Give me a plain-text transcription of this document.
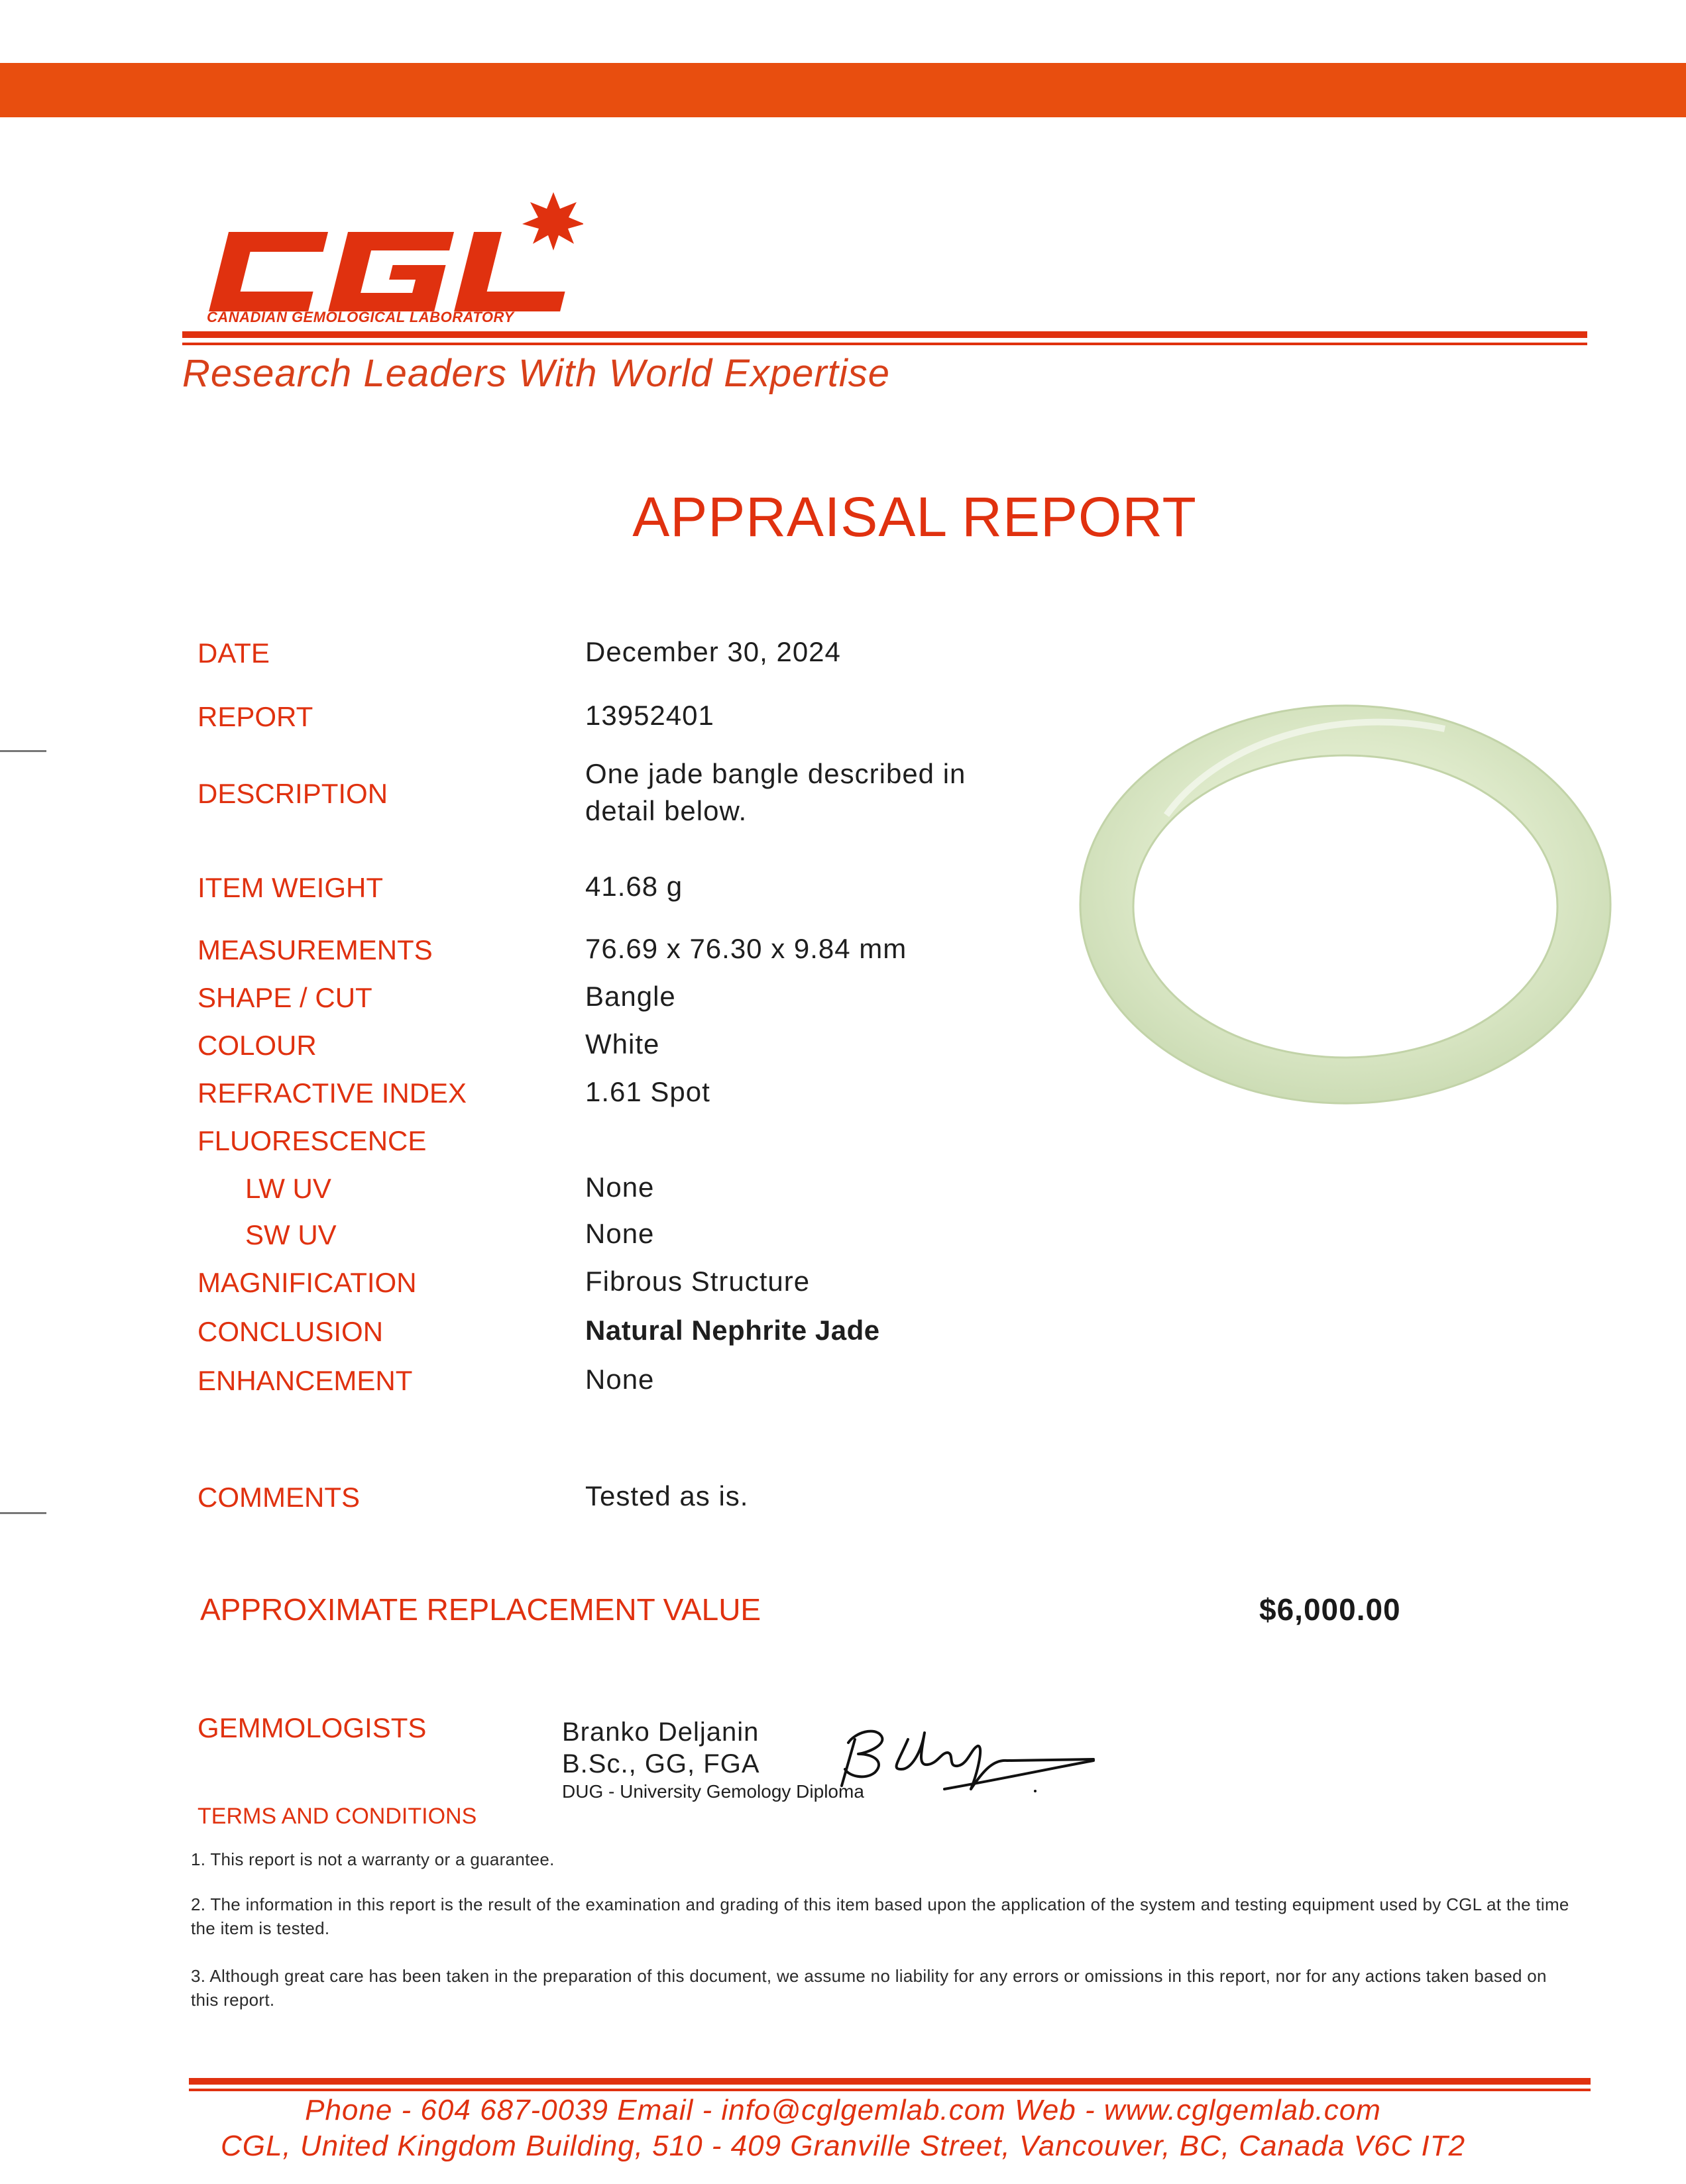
CANADIAN GEMOLOGICAL LABORATORY
Research Leaders With World Expertise
APPRAISAL REPORT
DATE	December 30, 2024
REPORT	13952401
DESCRIPTION
One jade bangle described in
detail below.
ITEM WEIGHT	41.68 g
MEASUREMENTS	76.69 x 76.30 x 9.84 mm
SHAPE / CUT	Bangle
COLOUR	White
REFRACTIVE INDEX	1.61 Spot
FLUORESCENCE
LW UV	None
SW UV	None
MAGNIFICATION	Fibrous Structure
CONCLUSION	Natural Nephrite Jade
ENHANCEMENT	None
COMMENTS	Tested as is.
APPROXIMATE REPLACEMENT VALUE	$6,000.00
GEMMOLOGISTS	Branko Deljanin
B.Sc., GG, FGA
DUG - University Gemology Diploma
TERMS AND CONDITIONS
1. This report is not a warranty or a guarantee.
2. The information in this report is the result of the examination and grading of this item based upon the application of the system and testing equipment used by CGL at the time the item is tested.
3. Although great care has been taken in the preparation of this document, we assume no liability for any errors or omissions in this report, nor for any actions taken based on this report.
Phone - 604 687-0039 Email - info@cglgemlab.com Web - www.cglgemlab.com
CGL, United Kingdom Building, 510 - 409 Granville Street, Vancouver, BC, Canada V6C IT2
